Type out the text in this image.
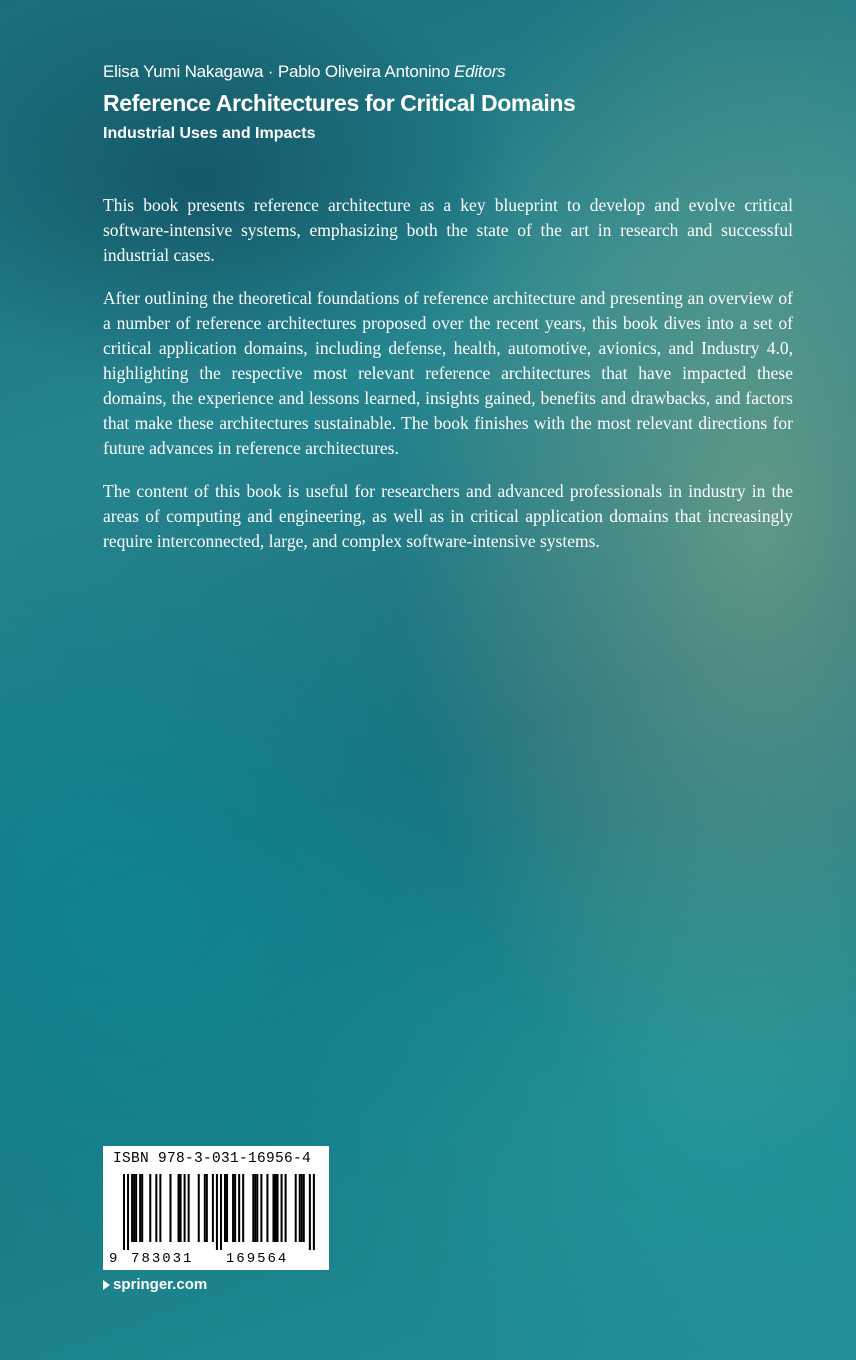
Elisa Yumi Nakagawa · Pablo Oliveira Antonino Editors
Reference Architectures for Critical Domains
Industrial Uses and Impacts

This book presents reference architecture as a key blueprint to develop and evolve critical software-intensive systems, emphasizing both the state of the art in research and successful industrial cases.

After outlining the theoretical foundations of reference architecture and presenting an overview of a number of reference architectures proposed over the recent years, this book dives into a set of critical application domains, including defense, health, automotive, avionics, and Industry 4.0, highlighting the respective most relevant reference architectures that have impacted these domains, the experience and lessons learned, insights gained, benefits and drawbacks, and factors that make these architectures sustainable. The book finishes with the most relevant directions for future advances in reference architectures.

The content of this book is useful for researchers and advanced professionals in industry in the areas of computing and engineering, as well as in critical application domains that increasingly require interconnected, large, and complex software-intensive systems.

ISBN 978-3-031-16956-4
9 783031 169564
springer.com
